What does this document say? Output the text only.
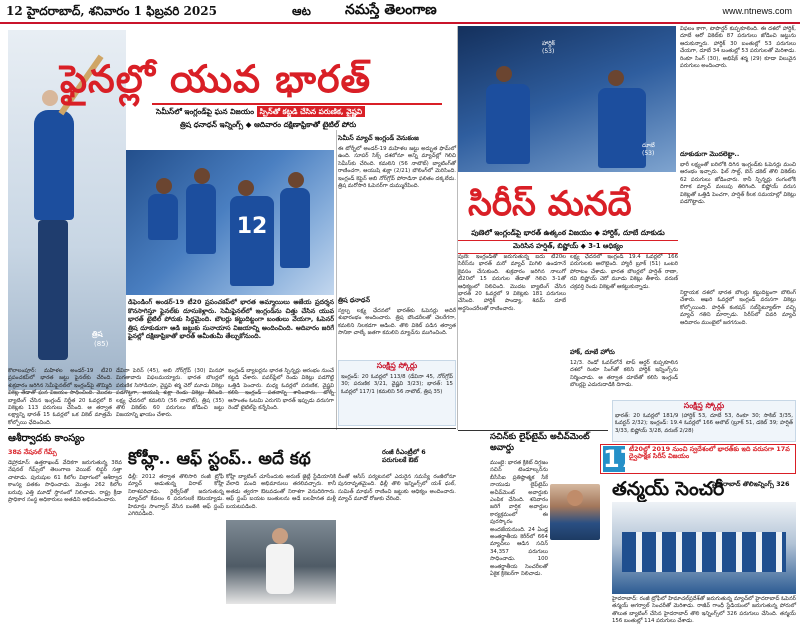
12 హైదరాబాద్, శనివారం 1 ఫిబ్రవరి 2025	ఆట నమస్తే తెలంగాణ	www.ntnews.com
త్రిష
(85)
ఫైనల్లో యువ భారత్
సెమీస్‌లో ఇంగ్లండ్‌పై ఘన విజయం స్పిన్‌తో కట్టడి చేసిన పరుణిక, వైష్ణవి
త్రిష ధనాధన్ ఇన్నింగ్స్ ◆ ఆదివారం దక్షిణాఫ్రికాతో టైటిల్ పోరు
12
సెమీస్ మ్యాచ్ ఇంగ్లండ్ వెనుకంజ
ఈ టోర్నీలో అండర్-19 మహిళల జట్టు అద్భుత ఫామ్‌లో ఉంది. సూపర్ సిక్స్ దశలోనూ అన్ని మ్యాచ్‌ల్లో గెలిచి సెమీస్‌కు చేరింది. కమలిని (56 నాటౌట్) బ్యాటింగ్‌తో రాణించగా, ఆయుషి శుక్లా (2/21) బౌలింగ్‌లో మెరిసింది. ఇంగ్లండ్ కెప్టెన్ అబి నోర్‌గ్రోవ్ పోరాడినా ఫలితం దక్కలేదు. త్రిష మరోసారి ఓపెనర్‌గా దుమ్మురేపింది.
త్రిష ధనాధన్
స్వల్ప లక్ష్య ఛేదనలో భారత్‌కు ఓపెనర్లు అదిరే శుభారంభం అందించారు. త్రిష బౌండరీలతో చెలరేగగా, కమలిని నిలకడగా ఆడింది. తొలి వికెట్ పడిన తర్వాత సానికా చాల్కే జతగా కమలిని మ్యాచ్‌ను ముగించింది.
డిఫెండింగ్ అండర్-19 టీ20 ప్రపంచకప్‌లో భారత అమ్మాయిలు అజేయ ప్రదర్శన కొనసాగిస్తూ ఫైనల్‌కు దూసుకెళ్లారు. సెమీఫైనల్‌లో ఇంగ్లండ్‌ను చిత్తు చేసిన యువ భారత్ టైటిల్ పోరుకు సిద్ధమైంది. బౌలర్లు కట్టుదిట్టంగా బంతులు వేయగా, ఓపెనర్ త్రిష దూకుడుగా ఆడి జట్టుకు సునాయాస విజయాన్ని అందించింది. ఆదివారం జరిగే ఫైనల్లో దక్షిణాఫ్రికాతో భారత్ అమీతుమీ తేల్చుకోనుంది.
కౌలాలంపూర్: మహిళల అండర్-19 టీ20 ప్రపంచకప్‌లో భారత జట్టు ఫైనల్‌కు చేరింది. శుక్రవారం జరిగిన సెమీఫైనల్‌లో ఇంగ్లండ్‌పై తొమ్మిది వికెట్ల తేడాతో ఘన విజయం సాధించింది. మొదట బ్యాటింగ్ చేసిన ఇంగ్లండ్ నిర్ణీత 20 ఓవర్లలో 8 వికెట్లకు 113 పరుగులు చేసింది. ఆ తర్వాత లక్ష్యాన్ని భారత్ 15 ఓవర్లలో ఒక వికెట్ మాత్రమే కోల్పోయి ఛేదించింది.
డేవినా పెరిన్ (45), అబి నోర్‌గ్రోవ్ (30) మినహా మిగతావారు విఫలమయ్యారు. భారత బౌలర్లలో పరుణిక సిసోడియా, వైష్ణవి శర్మ చెరో మూడు వికెట్లు పడగొట్టగా, ఆయుషి శుక్లా రెండు వికెట్లు తీసింది. లక్ష్య ఛేదనలో కమలిని (56 నాటౌట్), త్రిష (35) తొలి వికెట్‌కు 60 పరుగులు జోడించి జట్టు విజయాన్ని ఖాయం చేశారు.
ఇంగ్లండ్ బ్యాటర్లను భారత స్పిన్నర్లు ఆరంభం నుంచే కట్టడి చేశారు. పవర్‌ప్లేలో రెండు వికెట్లు పడగొట్టి ఒత్తిడి పెంచారు. మధ్య ఓవర్లలో పరుణిక, వైష్ణవి కలిసి ఇంగ్లండ్ పతనాన్ని శాసించారు. టోర్నీ ఆసాంతం ఓటమి ఎరుగని భారత్ ఇప్పుడు వరుసగా రెండో టైటిల్‌పై కన్నేసింది.
సంక్షిప్త స్కోర్లు
ఇంగ్లండ్: 20 ఓవర్లలో 113/8 (డేవినా 45, నోర్‌గ్రోవ్ 30; పరుణిక 3/21, వైష్ణవి 3/23); భారత్: 15 ఓవర్లలో 117/1 (కమలిని 56 నాటౌట్, త్రిష 35)
ఆశీర్వాదకు కాంస్యం
38వ నేషనల్ గేమ్స్
డెహ్రాడూన్: ఉత్తరాఖండ్ వేదికగా జరుగుతున్న 38వ నేషనల్ గేమ్స్‌లో తెలంగాణ వెయిట్ లిఫ్టర్ సత్తా చాటాడు. పురుషుల 61 కిలోల విభాగంలో ఆశీర్వాద కాంస్య పతకం సాధించాడు. మొత్తం 262 కిలోల బరువు ఎత్తి మూడో స్థానంలో నిలిచాడు. రాష్ట్ర క్రీడా ప్రాధికార సంస్థ అధికారులు అతడిని అభినందించారు.
కోహ్లీ.. ఆఫ్ స్టంప్.. అదే కథ	రంజీ రీఎంట్రీలో 6 పరుగులకే ఔట్
ఢిల్లీ: 2012 తర్వాత తొలిసారి రంజీ ట్రోఫీ మ్యాచ్ ఆడుతున్న విరాట్ కోహ్లీ నిరాశపరిచాడు. రైల్వేస్‌తో జరుగుతున్న మ్యాచ్‌లో కేవలం 6 పరుగులకే ఔటయ్యాడు. హిమాన్షు సాంగ్వాన్ వేసిన బంతికి ఆఫ్ స్టంప్ ఎగిరిపడింది.
కోహ్లీ బ్యాటింగ్ చూసేందుకు అరుణ్ జైట్లీ స్టేడియానికి వేలాది మంది అభిమానులు తరలివచ్చారు. కానీ అతడు త్వరగా ఔటవడంతో నిరాశగా వెనుదిరిగారు. ఆఫ్ స్టంప్ బయట బంతులను ఆడే బలహీనత మళ్లీ బయటపడింది.
దీంతో ఆసీస్ పర్యటనలో ఎదురైన సమస్యే రంజీలోనూ పునరావృతమైంది. ఢిల్లీ తొలి ఇన్నింగ్స్‌లో యశ్ ధుల్, సుమిత్ మాథుర్ రాణించి జట్టుకు ఆధిక్యం అందించారు. మ్యాచ్ మూడో రోజుకు చేరింది.
హార్దిక్
(53)
దూబే
(53)
విఫలం కాగా, టాపార్డర్ కుప్పకూలింది. ఈ దశలో హార్దిక్, దూబే ఆరో వికెట్‌కు 87 పరుగులు జోడించి జట్టును ఆదుకున్నారు. హార్దిక్ 30 బంతుల్లో 53 పరుగులు చేయగా, దూబే 34 బంతుల్లో 53 పరుగులతో మెరిశాడు. రింకూ సింగ్ (30), అభిషేక్ శర్మ (29) కూడా విలువైన పరుగులు అందించారు.
దూకుడుగా మొదలెట్టా..
భారీ లక్ష్యంతో బరిలోకి దిగిన ఇంగ్లండ్‌కు ఓపెనర్లు మంచి ఆరంభం ఇచ్చారు. ఫిల్ సాల్ట్, బెన్ డకెట్ తొలి వికెట్‌కు 62 పరుగులు జోడించారు. కానీ స్పిన్నర్లు రంగంలోకి దిగాక మ్యాచ్ మలుపు తిరిగింది. బిష్ణోయ్ వరుస వికెట్లతో ఒత్తిడి పెంచగా, హర్షిత్ కీలక సమయాల్లో వికెట్లు పడగొట్టాడు.
సిరీస్ మనదే
పుణెలో ఇంగ్లండ్‌పై భారత్ ఉత్కంఠ విజయం ◆ హార్దిక్, దూబే దూకుడు
మెరిసిన హర్షిత్, బిష్ణోయ్ ◆ 3-1 ఆధిక్యం
పుణె: ఇంగ్లండ్‌తో జరుగుతున్న ఐదు టీ20ల సిరీస్‌ను భారత్ మరో మ్యాచ్ మిగిలి ఉండగానే కైవసం చేసుకుంది. శుక్రవారం జరిగిన నాలుగో టీ20లో 15 పరుగుల తేడాతో గెలిచి 3-1తో ఆధిక్యంలో నిలిచింది. మొదట బ్యాటింగ్ చేసిన భారత్ 20 ఓవర్లలో 9 వికెట్లకు 181 పరుగులు చేసింది. హార్దిక్ పాండ్యా, శివమ్ దూబే అర్ధసెంచరీలతో రాణించారు.
లక్ష్య ఛేదనలో ఇంగ్లండ్ 19.4 ఓవర్లలో 166 పరుగులకు ఆలౌటైంది. హ్యారీ బ్రూక్ (51) ఒంటరి పోరాటం చేశాడు. భారత బౌలర్లలో హర్షిత్ రాణా, రవి బిష్ణోయ్ చెరో మూడు వికెట్లు తీశారు. వరుణ్ చక్రవర్తి రెండు వికెట్లతో ఆకట్టుకున్నాడు.
హాక్, దూబే హోరు
12/3. రెండో ఓవర్‌లోనే టాప్ ఆర్డర్ కుప్పకూలిన దశలో రింకూ సింగ్‌తో కలిసి హార్దిక్ ఇన్నింగ్స్‌ను నిర్మించాడు. ఆ తర్వాత దూబేతో కలిసి ఇంగ్లండ్ బౌలర్లపై ఎదురుదాడికి దిగాడు.
నిర్ణాయక దశలో భారత బౌలర్లు కట్టుదిట్టంగా బౌలింగ్ చేశారు. ఆఖరి ఓవర్లలో ఇంగ్లండ్ వరుసగా వికెట్లు కోల్పోయింది. హర్షిత్ కంకషన్ సబ్‌స్టిట్యూట్‌గా వచ్చి మ్యాచ్ గతిని మార్చాడు. సిరీస్‌లో చివరి మ్యాచ్ ఆదివారం ముంబైలో జరగనుంది.
17
టీ20ల్లో 2019 నుంచి స్వదేశంలో భారత్‌కు ఇది వరుసగా 17వ ద్వైపాక్షిక సిరీస్ విజయం
సంక్షిప్త స్కోర్లు
భారత్: 20 ఓవర్లలో 181/9 (హార్దిక్ 53, దూబే 53, రింకూ 30; సాకిబ్ 3/35, ఓవర్టన్ 2/32); ఇంగ్లండ్: 19.4 ఓవర్లలో 166 ఆలౌట్ (బ్రూక్ 51, డకెట్ 39; హర్షిత్ 3/33, బిష్ణోయ్ 3/28, వరుణ్ 2/28)
సచిన్‌కు లైఫ్‌టైమ్ అచీవ్‌మెంట్ అవార్డు
ముంబై: భారత క్రికెట్ దిగ్గజం సచిన్ టెండూల్కర్‌ను బీసీసీఐ ప్రతిష్ఠాత్మక సీకే నాయుడు లైఫ్‌టైమ్ అచీవ్‌మెంట్ అవార్డుకు ఎంపిక చేసింది. శనివారం జరిగే వార్షిక అవార్డుల కార్యక్రమంలో ఈ పురస్కారం అందజేయనుంది. 24 ఏండ్ల అంతర్జాతీయ కెరీర్‌లో 664 మ్యాచ్‌లు ఆడిన సచిన్ 34,357 పరుగులు సాధించాడు. 100 అంతర్జాతీయ సెంచరీలతో ఏకైక క్రికెటర్‌గా నిలిచాడు.
తన్మయ్ సెంచరీ
హైదరాబాద్ తొలిఇన్నింగ్స్ 326
హైదరాబాద్: రంజీ ట్రోఫీలో హిమాచల్‌ప్రదేశ్‌తో జరుగుతున్న మ్యాచ్‌లో హైదరాబాద్ ఓపెనర్ తన్మయ్ అగర్వాల్ సెంచరీతో మెరిశాడు. రాజీవ్ గాంధీ స్టేడియంలో జరుగుతున్న పోరులో తొలుత బ్యాటింగ్ చేసిన హైదరాబాద్ తొలి ఇన్నింగ్స్‌లో 326 పరుగులు చేసింది. తన్మయ్ 156 బంతుల్లో 114 పరుగులు చేశాడు.
